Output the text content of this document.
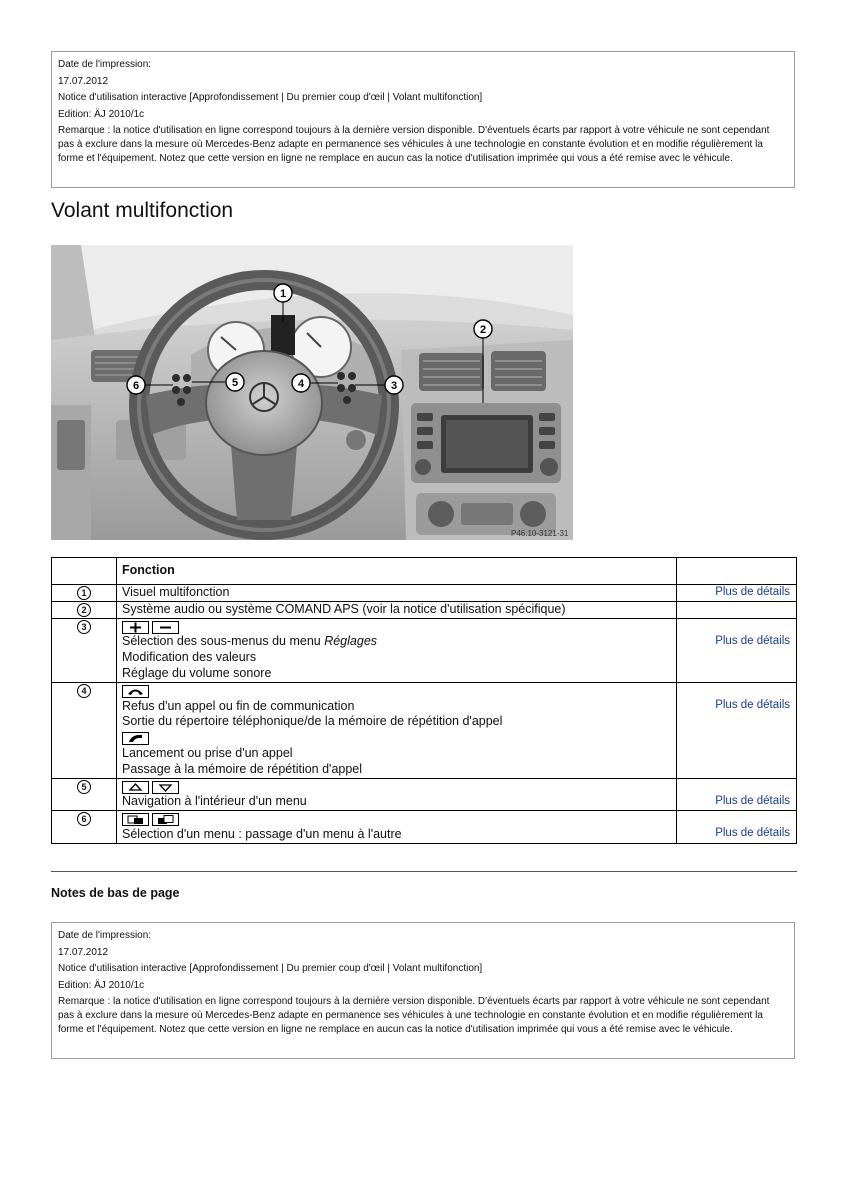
Date de l'impression:
17.07.2012
Notice d'utilisation interactive [Approfondissement | Du premier coup d'œil | Volant multifonction]
Edition: ÄJ 2010/1c
Remarque : la notice d'utilisation en ligne correspond toujours à la dernière version disponible. D'éventuels écarts par rapport à votre véhicule ne sont cependant pas à exclure dans la mesure où Mercedes-Benz adapte en permanence ses véhicules à une technologie en constante évolution et en modifie régulièrement la forme et l'équipement. Notez que cette version en ligne ne remplace en aucun cas la notice d'utilisation imprimée qui vous a été remise avec le véhicule.
Volant multifonction
1
2
3
4
5
6
P46.10-3121-31
	Fonction	
1	Visuel multifonction	Plus de détails
2	Système audio ou système COMAND APS (voir la notice d'utilisation spécifique)	
3	Sélection des sous-menus du menu Réglages
Modification des valeurs
Réglage du volume sonore	Plus de détails
4	Refus d'un appel ou fin de communication
Sortie du répertoire téléphonique/de la mémoire de répétition d'appel

Lancement ou prise d'un appel
Passage à la mémoire de répétition d'appel	Plus de détails
5	Navigation à l'intérieur d'un menu	Plus de détails
6	Sélection d'un menu : passage d'un menu à l'autre	Plus de détails
Notes de bas de page
Date de l'impression:
17.07.2012
Notice d'utilisation interactive [Approfondissement | Du premier coup d'œil | Volant multifonction]
Edition: ÄJ 2010/1c
Remarque : la notice d'utilisation en ligne correspond toujours à la dernière version disponible. D'éventuels écarts par rapport à votre véhicule ne sont cependant pas à exclure dans la mesure où Mercedes-Benz adapte en permanence ses véhicules à une technologie en constante évolution et en modifie régulièrement la forme et l'équipement. Notez que cette version en ligne ne remplace en aucun cas la notice d'utilisation imprimée qui vous a été remise avec le véhicule.
